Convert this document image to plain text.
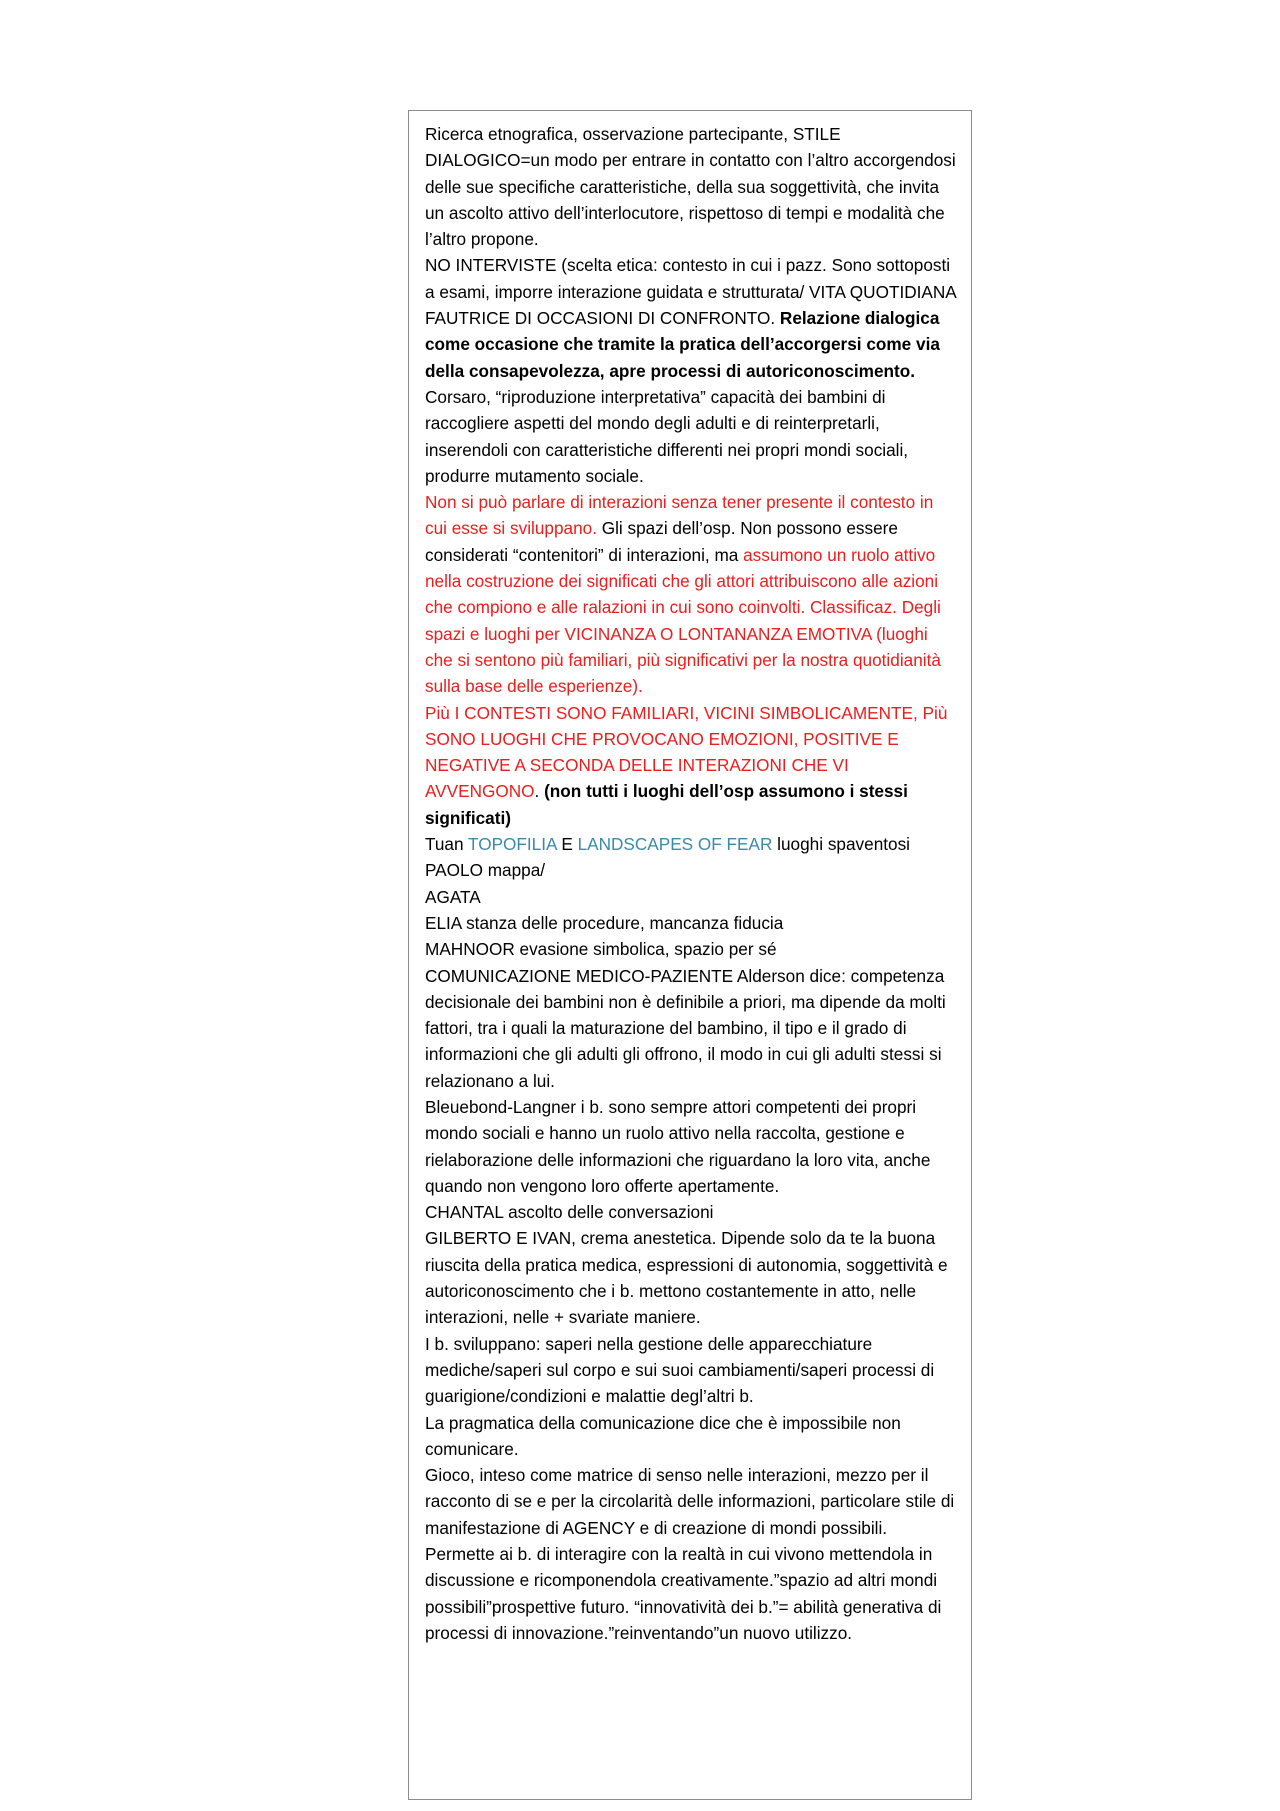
Ricerca etnografica, osservazione partecipante, STILE DIALOGICO=un modo per entrare in contatto con l’altro accorgendosi delle sue specifiche caratteristiche, della sua soggettività, che invita un ascolto attivo dell’interlocutore, rispettoso di tempi e modalità che l’altro propone.

NO INTERVISTE (scelta etica: contesto in cui i pazz. Sono sottoposti a esami, imporre interazione guidata e strutturata/ VITA QUOTIDIANA FAUTRICE DI OCCASIONI DI CONFRONTO. Relazione dialogica come occasione che tramite la pratica dell’accorgersi come via della consapevolezza, apre processi di autoriconoscimento.

Corsaro, “riproduzione interpretativa” capacità dei bambini di raccogliere aspetti del mondo degli adulti e di reinterpretarli, inserendoli con caratteristiche differenti nei propri mondi sociali, produrre mutamento sociale.

Non si può parlare di interazioni senza tener presente il contesto in cui esse si sviluppano. Gli spazi dell’osp. Non possono essere considerati “contenitori” di interazioni, ma assumono un ruolo attivo nella costruzione dei significati che gli attori attribuiscono alle azioni che compiono e alle ralazioni in cui sono coinvolti. Classificaz. Degli spazi e luoghi per VICINANZA O LONTANANZA EMOTIVA (luoghi che si sentono più familiari, più significativi per la nostra quotidianità sulla base delle esperienze).

Più I CONTESTI SONO FAMILIARI, VICINI SIMBOLICAMENTE, Più SONO LUOGHI CHE PROVOCANO EMOZIONI, POSITIVE E NEGATIVE A SECONDA DELLE INTERAZIONI CHE VI AVVENGONO. (non tutti i luoghi dell’osp assumono i stessi significati)

Tuan TOPOFILIA E LANDSCAPES OF FEAR luoghi spaventosi

PAOLO mappa/

AGATA

ELIA stanza delle procedure, mancanza fiducia

MAHNOOR evasione simbolica, spazio per sé

COMUNICAZIONE MEDICO-PAZIENTE Alderson dice: competenza decisionale dei bambini non è definibile a priori, ma dipende da molti fattori, tra i quali la maturazione del bambino, il tipo e il grado di informazioni che gli adulti gli offrono, il modo in cui gli adulti stessi si relazionano a lui.

Bleuebond-Langner i b. sono sempre attori competenti dei propri mondo sociali e hanno un ruolo attivo nella raccolta, gestione e rielaborazione delle informazioni che riguardano la loro vita, anche quando non vengono loro offerte apertamente.

CHANTAL ascolto delle conversazioni

GILBERTO E IVAN, crema anestetica. Dipende solo da te la buona riuscita della pratica medica, espressioni di autonomia, soggettività e autoriconoscimento che i b. mettono costantemente in atto, nelle interazioni, nelle + svariate maniere.

I b. sviluppano: saperi nella gestione delle apparecchiature mediche/saperi sul corpo e sui suoi cambiamenti/saperi processi di guarigione/condizioni e malattie degl’altri b.

La pragmatica della comunicazione dice che è impossibile non comunicare.

Gioco, inteso come matrice di senso nelle interazioni, mezzo per il racconto di se e per la circolarità delle informazioni, particolare stile di manifestazione di AGENCY e di creazione di mondi possibili. Permette ai b. di interagire con la realtà in cui vivono mettendola in discussione e ricomponendola creativamente.”spazio ad altri mondi possibili”prospettive futuro. “innovatività dei b.”= abilità generativa di processi di innovazione.”reinventando”un nuovo utilizzo.
